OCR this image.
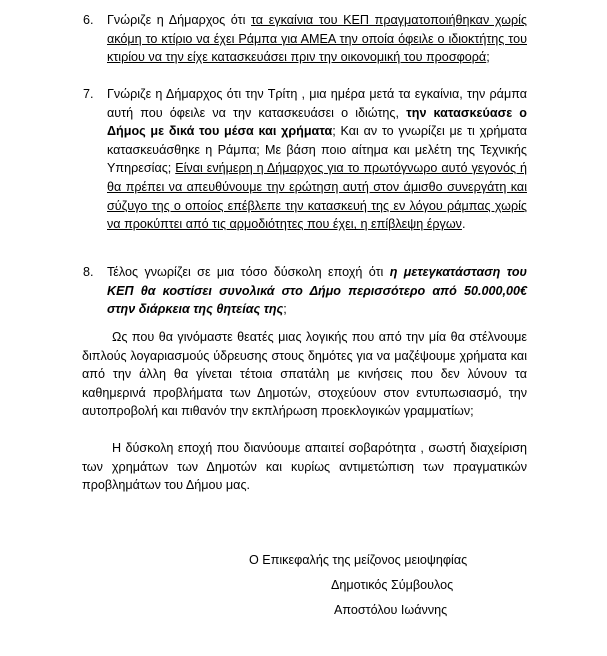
6. Γνώριζε η Δήμαρχος ότι τα εγκαίνια του ΚΕΠ πραγματοποιήθηκαν χωρίς ακόμη το κτίριο να έχει Ράμπα για ΑΜΕΑ την οποία όφειλε ο ιδιοκτήτης του κτιρίου να την είχε κατασκευάσει πριν την οικονομική του προσφορά;
7. Γνώριζε η Δήμαρχος ότι την Τρίτη , μια ημέρα μετά τα εγκαίνια, την ράμπα αυτή που όφειλε να την κατασκευάσει ο ιδιώτης, την κατασκεύασε ο Δήμος με δικά του μέσα και χρήματα; Και αν το γνωρίζει με τι χρήματα κατασκευάσθηκε η Ράμπα; Με βάση ποιο αίτημα και μελέτη της Τεχνικής Υπηρεσίας; Είναι ενήμερη η Δήμαρχος για το πρωτόγνωρο αυτό γεγονός ή θα πρέπει να απευθύνουμε την ερώτηση αυτή στον άμισθο συνεργάτη και σύζυγο της ο οποίος επέβλεπε την κατασκευή της εν λόγου ράμπας χωρίς να προκύπτει από τις αρμοδιότητες που έχει, η επίβλεψη έργων.
8. Τέλος γνωρίζει σε μια τόσο δύσκολη εποχή ότι η μετεγκατάσταση του ΚΕΠ θα κοστίσει συνολικά στο Δήμο περισσότερο από 50.000,00€ στην διάρκεια της θητείας της;
Ως που θα γινόμαστε θεατές μιας λογικής που από την μία θα στέλνουμε διπλούς λογαριασμούς ύδρευσης στους δημότες για να μαζέψουμε χρήματα και από την άλλη θα γίνεται τέτοια σπατάλη με κινήσεις που δεν λύνουν τα καθημερινά προβλήματα των Δημοτών, στοχεύουν στον εντυπωσιασμό, την αυτοπροβολή και πιθανόν την εκπλήρωση προεκλογικών γραμματίων;
Η δύσκολη εποχή που διανύουμε απαιτεί σοβαρότητα , σωστή διαχείριση των χρημάτων των Δημοτών και κυρίως αντιμετώπιση των πραγματικών προβλημάτων του Δήμου μας.
Ο Επικεφαλής της μείζονος μειοψηφίας
Δημοτικός Σύμβουλος
Αποστόλου Ιωάννης
